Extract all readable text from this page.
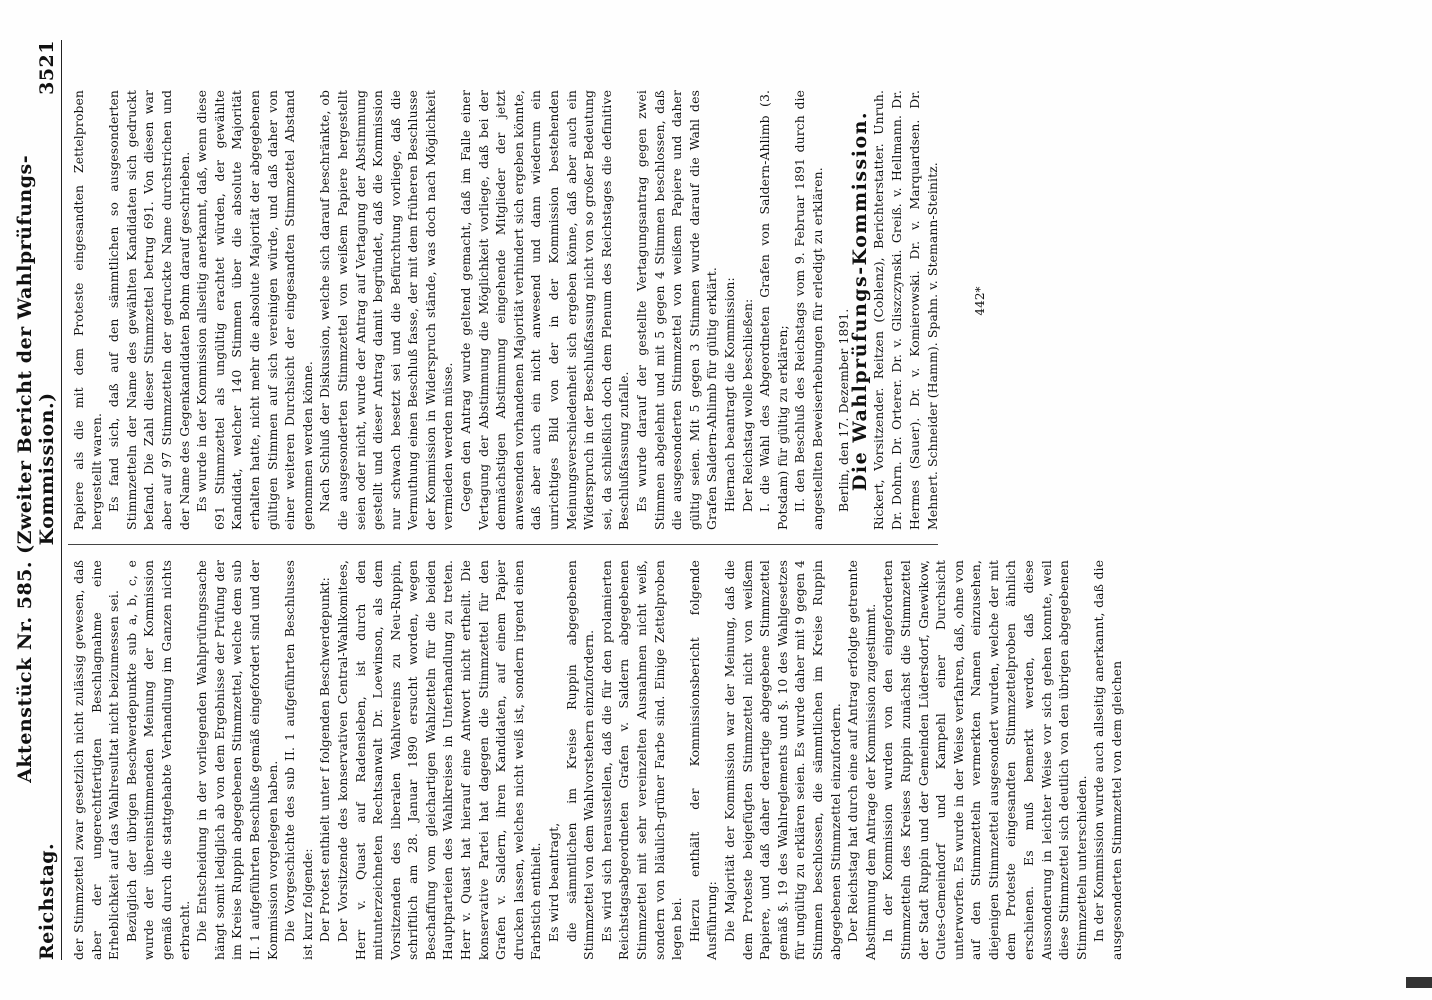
Reichstag.
Aktenstück Nr. 585. (Zweiter Bericht der Wahlprüfungs-Kommission.)
3521

der Stimmzettel zwar gesetzlich nicht zulässig gewesen, daß aber der ungerechtfertigten Beschlagnahme eine Erheblichkeit auf das Wahlresultat nicht beizumessen sei. Bezüglich der übrigen Beschwerdepunkte sub a, b, c, e wurde der übereinstimmenden Meinung der Kommission gemäß durch die stattgehabte Verhandlung im Ganzen nichts erbracht. Die Entscheidung in der vorliegenden Wahlprüfungssache hängt somit lediglich ab von dem Ergebnisse der Prüfung der im Kreise Ruppin abgegebenen Stimmzettel, welche dem sub II. 1 aufgeführten Beschluße gemäß eingefordert sind und der Kommission vorgelegen haben. Die Vorgeschichte des sub II. 1 aufgeführten Beschlusses ist kurz folgende: Der Protest enthielt unter f folgenden Beschwerdepunkt: Der Vorsitzende des konservativen Central-Wahlkomitees, Herr v. Quast auf Radensleben, ist durch den mitunterzeichneten Rechtsanwalt Dr. Loewinson, als dem Vorsitzenden des liberalen Wahlvereins zu Neu-Ruppin, schriftlich am 28. Januar 1890 ersucht worden, wegen Beschaffung vom gleichartigen Wahlzetteln für die beiden Hauptparteien des Wahlkreises in Unterhandlung zu treten. Herr v. Quast hat hierauf eine Antwort nicht ertheilt. Die konservative Partei hat dagegen die Stimmzettel für den Grafen v. Saldern, ihren Kandidaten, auf einem Papier drucken lassen, welches nicht weiß ist, sondern irgend einen Farbstich enthielt. Es wird beantragt, die sämmtlichen im Kreise Ruppin abgegebenen Stimmzettel von dem Wahlvorstehern einzufordern. Es wird sich herausstellen, daß die für den prolamierten Reichstagsabgeordneten Grafen v. Saldern abgegebenen Stimmzettel mit sehr vereinzelten Ausnahmen nicht weiß, sondern von bläulich-grüner Farbe sind. Einige Zettelproben legen bei. Hierzu enthält der Kommissionsbericht folgende Ausführung: Die Majorität der Kommission war der Meinung, daß die dem Proteste beigefügten Stimmzettel nicht von weißem Papiere, und daß daher derartige abgegebene Stimmzettel gemäß §. 19 des Wahlreglements und §. 10 des Wahlgesetzes für ungültig zu erklären seien. Es wurde daher mit 9 gegen 4 Stimmen beschlossen, die sämmtlichen im Kreise Ruppin abgegebenen Stimmzettel einzufordern. Der Reichstag hat durch eine auf Antrag erfolgte getrennte Abstimmung dem Antrage der Kommission zugestimmt. In der Kommission wurden von den eingeforderten Stimmzetteln des Kreises Ruppin zunächst die Stimmzettel der Stadt Ruppin und der Gemeinden Lüdersdorf, Gnewikow, Gutes-Gemeindorf und Kampehl einer Durchsicht unterworfen. Es wurde in der Weise verfahren, daß, ohne von auf den Stimmzetteln vermerkten Namen einzusehen, diejenigen Stimmzettel ausgesondert wurden, welche der mit dem Proteste eingesandten Stimmzettelproben ähnlich erschienen. Es muß bemerkt werden, daß diese Aussonderung in leichter Weise vor sich gehen konnte, weil diese Stimmzettel sich deutlich von den übrigen abgegebenen Stimmzetteln unterschieden. In der Kommission wurde auch allseitig anerkannt, daß die ausgesonderten Stimmzettel von dem gleichen

Papiere als die mit dem Proteste eingesandten Zettelproben hergestellt waren. Es fand sich, daß auf den sämmtlichen so ausgesonderten Stimmzetteln der Name des gewählten Kandidaten sich gedruckt befand. Die Zahl dieser Stimmzettel betrug 691. Von diesen war aber auf 97 Stimmzetteln der gedruckte Name durchstrichen und der Name des Gegenkandidaten Bohm darauf geschrieben. Es wurde in der Kommission allseitig anerkannt, daß, wenn diese 691 Stimmzettel als ungültig erachtet würden, der gewählte Kandidat, welcher 140 Stimmen über die absolute Majorität erhalten hatte, nicht mehr die absolute Majorität der abgegebenen gültigen Stimmen auf sich vereinigen würde, und daß daher von einer weiteren Durchsicht der eingesandten Stimmzettel Abstand genommen werden könne. Nach Schluß der Diskussion, welche sich darauf beschränkte, ob die ausgesonderten Stimmzettel von weißem Papiere hergestellt seien oder nicht, wurde der Antrag auf Vertagung der Abstimmung gestellt und dieser Antrag damit begründet, daß die Kommission nur schwach besetzt sei und die Befürchtung vorliege, daß die Vermuthung einen Beschluß fasse, der mit dem früheren Beschlusse der Kommission in Widerspruch stände, was doch nach Möglichkeit vermieden werden müsse. Gegen den Antrag wurde geltend gemacht, daß im Falle einer Vertagung der Abstimmung die Möglichkeit vorliege, daß bei der demnächstigen Abstimmung eingehende Mitglieder der jetzt anwesenden vorhandenen Majorität verhindert sich ergeben könnte, daß aber auch ein nicht anwesend und dann wiederum ein unrichtiges Bild von der in der Kommission bestehenden Meinungsverschiedenheit sich ergeben könne, daß aber auch ein Widerspruch in der Beschlußfassung nicht von so großer Bedeutung sei, da schließlich doch dem Plenum des Reichstages die definitive Beschlußfassung zufalle. Es wurde darauf der gestellte Vertagungsantrag gegen zwei Stimmen abgelehnt und mit 5 gegen 4 Stimmen beschlossen, daß die ausgesonderten Stimmzettel von weißem Papiere und daher gültig seien. Mit 5 gegen 3 Stimmen wurde darauf die Wahl des Grafen Saldern-Ahlimb für gültig erklärt. Hiernach beantragt die Kommission: Der Reichstag wolle beschließen: I. die Wahl des Abgeordneten Grafen von Saldern-Ahlimb (3. Potsdam) für gültig zu erklären; II. den Beschluß des Reichstags vom 9. Februar 1891 durch die angestellten Beweiserhebungen für erledigt zu erklären. Berlin, den 17. Dezember 1891.

Die Wahlprüfungs-Kommission. Rickert, Vorsitzender. Reitzen (Coblenz), Berichterstatter. Unruh. Dr. Dohrn. Dr. Orterer. Dr. v. Gliszczynski. Greiß. v. Hellmann. Dr. Hermes (Sauer). Dr. v. Komierowski. Dr. v. Marquardsen. Dr. Mehnert. Schneider (Hamm). Spahn. v. Stemann-Steinitz.	442*
